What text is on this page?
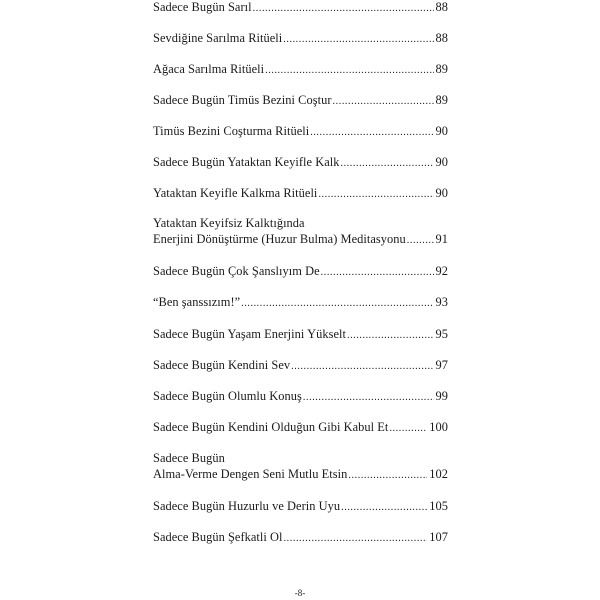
Sadece Bugün Sarıl .....	88
Sevdiğine Sarılma Ritüeli .....	88
Ağaca Sarılma Ritüeli .....	89
Sadece Bugün Timüs Bezini Coştur .....	89
Timüs Bezini Coşturma Ritüeli .....	90
Sadece Bugün Yataktan Keyifle Kalk .....	90
Yataktan Keyifle Kalkma Ritüeli .....	90
Yataktan Keyifsiz Kalktığında
Enerjini Dönüştürme (Huzur Bulma) Meditasyonu ..... 91
Sadece Bugün Çok Şanslıyım De .....	92
“Ben şanssızım!” .....	93
Sadece Bugün Yaşam Enerjini Yükselt .....	95
Sadece Bugün Kendini Sev .....	97
Sadece Bugün Olumlu Konuş .....	99
Sadece Bugün Kendini Olduğun Gibi Kabul Et .....	100
Sadece Bugün
Alma-Verme Dengen Seni Mutlu Etsin .....	102
Sadece Bugün Huzurlu ve Derin Uyu .....	105
Sadece Bugün Şefkatli Ol .....	107
-8-
